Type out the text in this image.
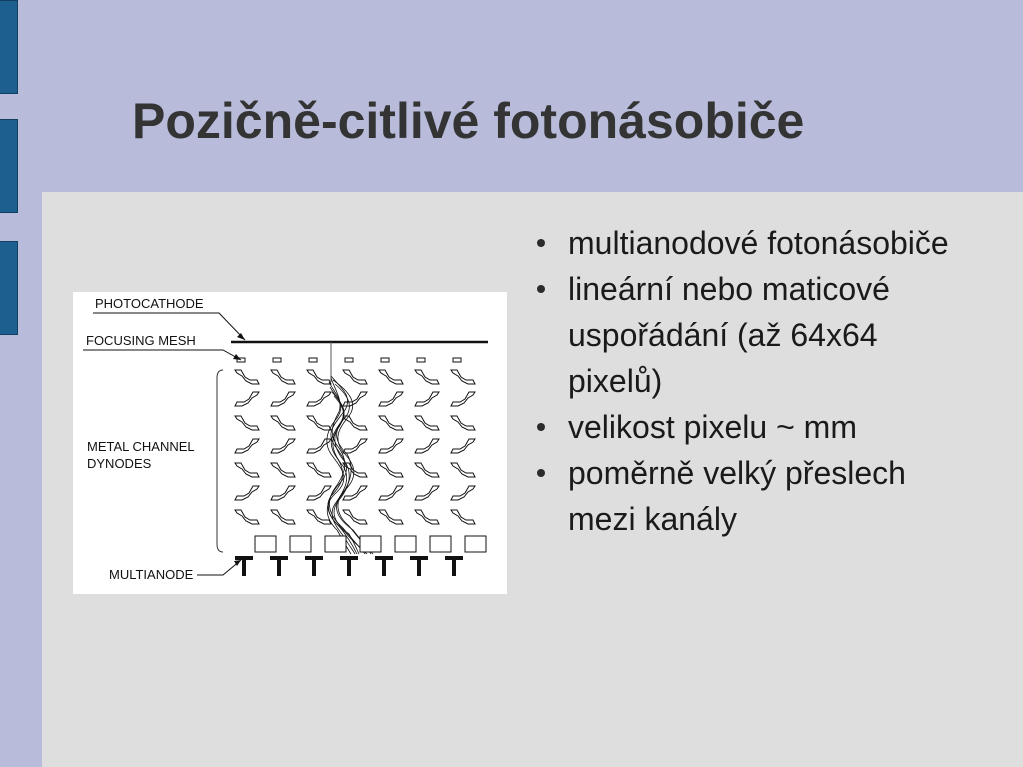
Pozičně-citlivé fotonásobiče
PHOTOCATHODE
FOCUSING MESH
METAL CHANNEL
DYNODES
MULTIANODE
multianodové fotonásobiče
lineární nebo maticové uspořádání (až 64x64 pixelů)
velikost pixelu ~ mm
poměrně velký přeslech mezi kanály
